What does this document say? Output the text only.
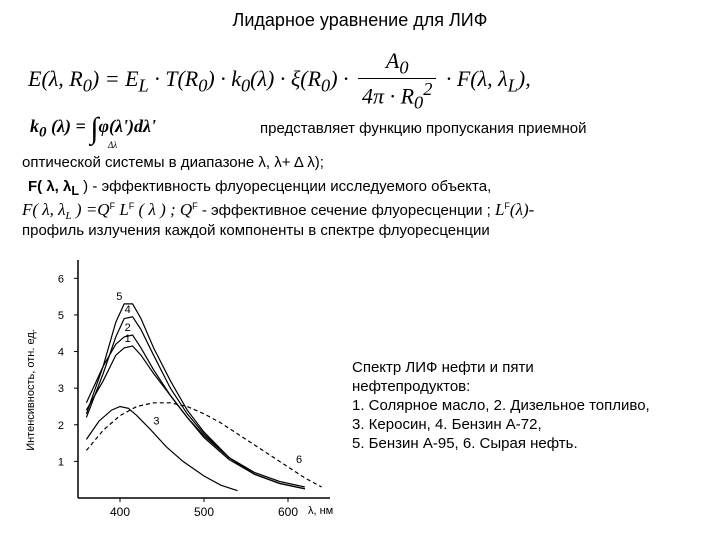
Лидарное уравнение для ЛИФ
E(λ, $R_0) = E_L \cdot T(R_0) \cdot k_0(\lambda) \cdot \xi(R_0) \cdot \frac{A_0}{4\pi \cdot R_0^2} \cdot F(\lambda$, $\lambda_L$),
$k_0$ (λ) = ∫φ(λ')dλ'
Δλ
представляет функцию пропускания приемной
оптической системы в диапазоне λ, λ+ Δ λ);
F( λ, $\lambda_L$ ) - эффективность флуоресценции исследуемого объекта,
F( λ, $\lambda_L$ ) $=Q^F$ $L^F$ ( λ ) ; $Q^F$ - эффективное сечение флуоресценции ; $L^F(\lambda)-$
профиль излучения каждой компоненты в спектре флуоресценции
1
2
3
4
5
6
400	500	600
1
2
3
4
5
6
Интенсивность, отн. ед.
λ, нм
Спектр ЛИФ нефти и пяти
нефтепродуктов:
1. Солярное масло, 2. Дизельное топливо,
3. Керосин, 4. Бензин А-72,
5. Бензин А-95, 6. Сырая нефть.
